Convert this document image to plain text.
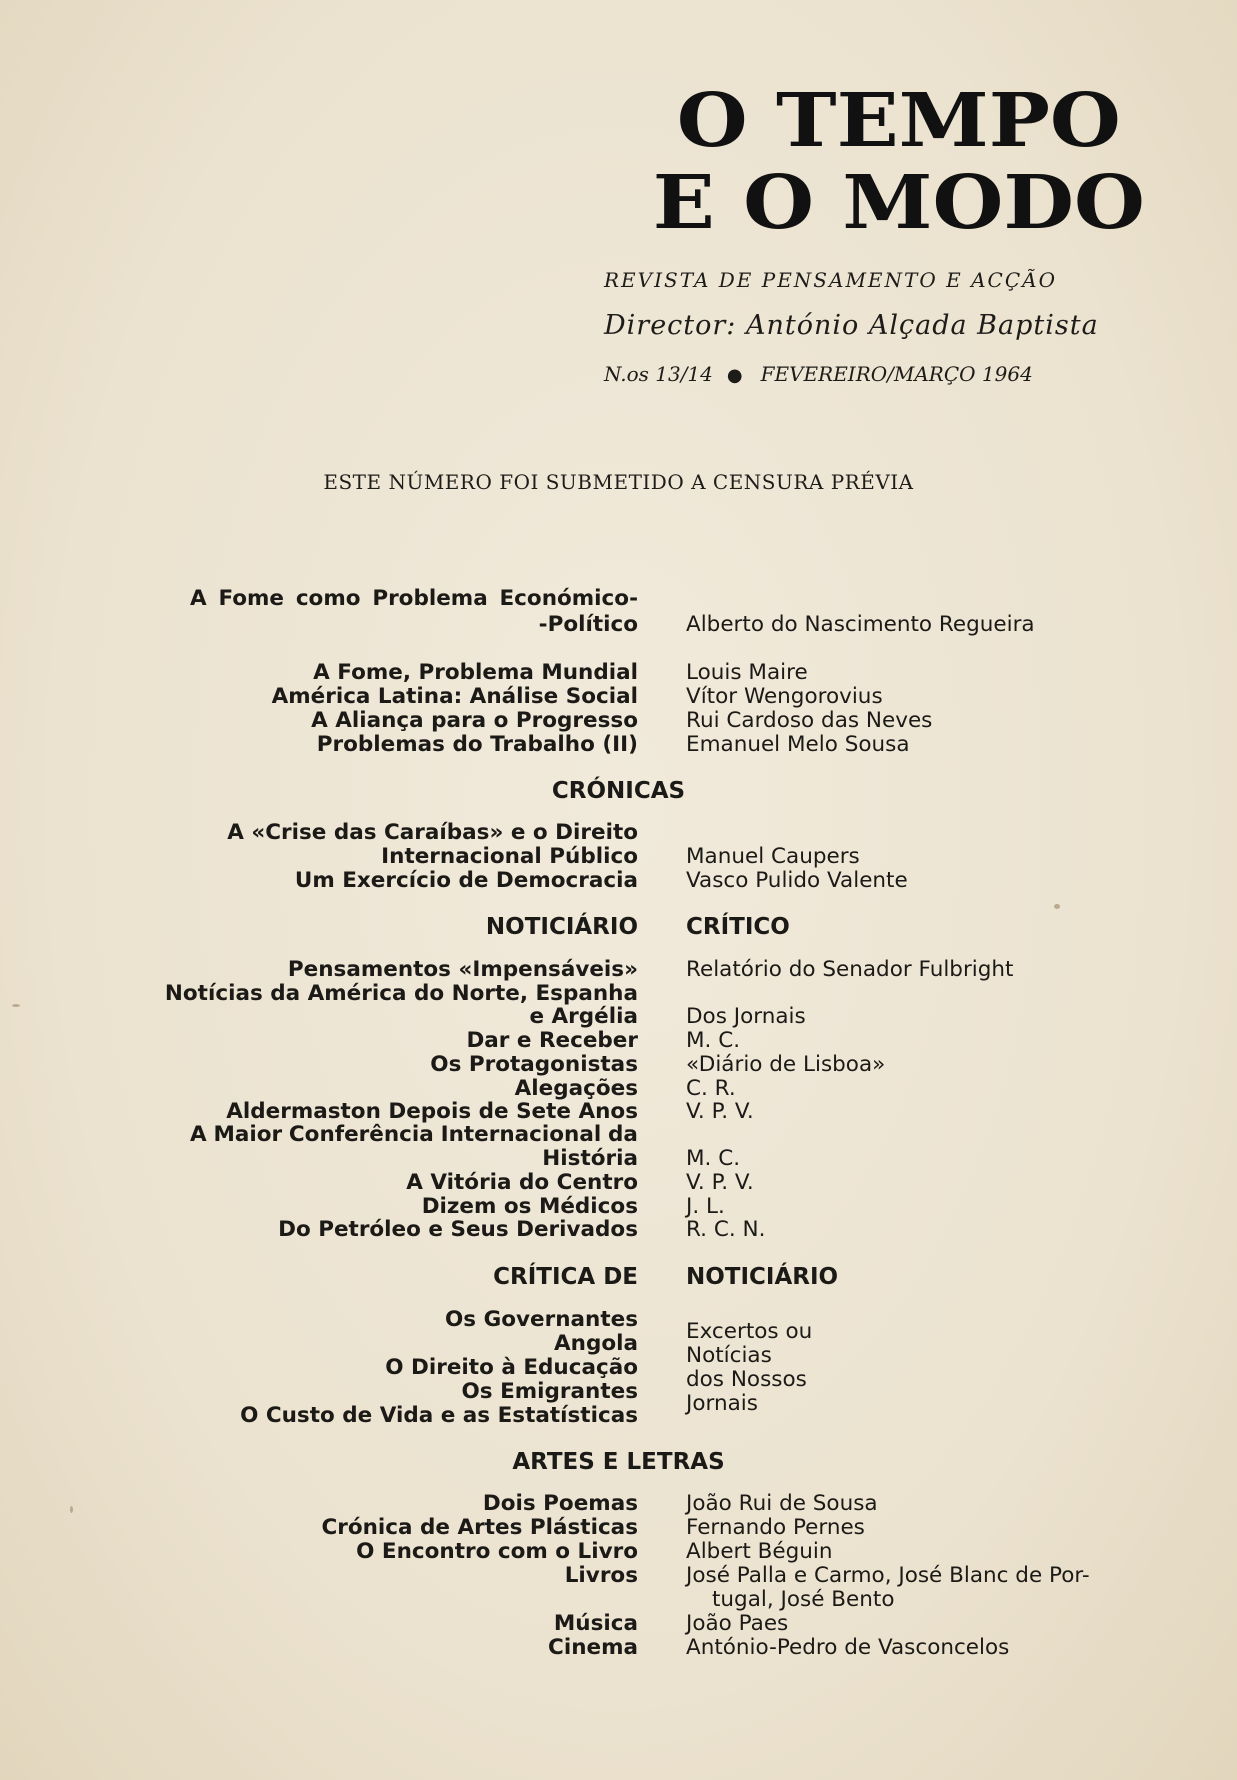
O TEMPO
E O MODO
REVISTA DE PENSAMENTO E ACÇÃO
Director: António Alçada Baptista
N.os 13/14 ● FEVEREIRO/MARÇO 1964
ESTE NÚMERO FOI SUBMETIDO A CENSURA PRÉVIA
A Fome como Problema Económico-
-Político Alberto do Nascimento Regueira
A Fome, Problema Mundial Louis Maire
América Latina: Análise Social Vítor Wengorovius
A Aliança para o Progresso Rui Cardoso das Neves
Problemas do Trabalho (II) Emanuel Melo Sousa
CRÓNICAS
A «Crise das Caraíbas» e o Direito
Internacional Público Manuel Caupers
Um Exercício de Democracia Vasco Pulido Valente
NOTICIÁRIO CRÍTICO
Pensamentos «Impensáveis» Relatório do Senador Fulbright
Notícias da América do Norte, Espanha
e Argélia Dos Jornais
Dar e Receber M. C.
Os Protagonistas «Diário de Lisboa»
Alegações C. R.
Aldermaston Depois de Sete Anos V. P. V.
A Maior Conferência Internacional da
História M. C.
A Vitória do Centro V. P. V.
Dizem os Médicos J. L.
Do Petróleo e Seus Derivados R. C. N.
CRÍTICA DE NOTICIÁRIO
Os Governantes
Angola
O Direito à Educação
Os Emigrantes
O Custo de Vida e as Estatísticas
Excertos ou
Notícias
dos Nossos
Jornais
ARTES E LETRAS
Dois Poemas João Rui de Sousa
Crónica de Artes Plásticas Fernando Pernes
O Encontro com o Livro Albert Béguin
Livros José Palla e Carmo, José Blanc de Por-
tugal, José Bento
Música João Paes
Cinema António-Pedro de Vasconcelos
